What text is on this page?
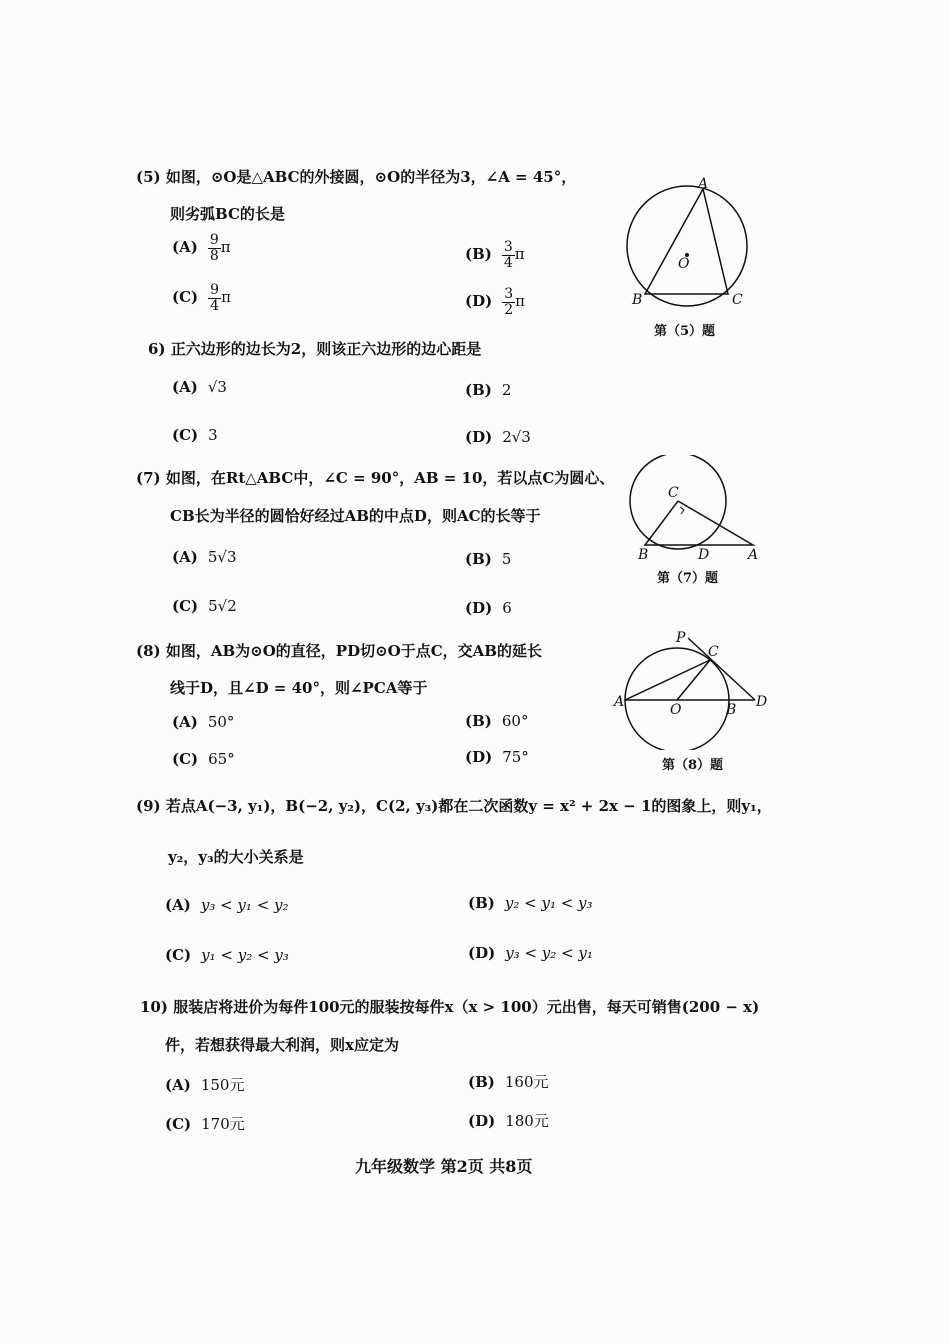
(5) 如图，⊙O是△ABC的外接圆，⊙O的半径为3，∠A = 45°，
则劣弧BC的长是
$(A) \frac{9}{8}$ π	$(B) \frac{3}{4}$ π
$(C) \frac{9}{4}$ π	$(D) \frac{3}{2}$ π
A
B	C
O
第（5）题
6) 正六边形的边长为2，则该正六边形的边心距是
(A) √3	(B) 2
(C) 3	(D) 2√3
(7) 如图，在Rt△ABC中，∠C = 90°，AB = 10，若以点C为圆心、
CB长为半径的圆恰好经过AB的中点D，则AC的长等于
(A) 5√3	(B) 5
(C) 5√2	(D) 6
C
B	D	A
第（7）题
(8) 如图，AB为⊙O的直径，PD切⊙O于点C，交AB的延长
线于D，且∠D = 40°，则∠PCA等于
(A) 50°	(B) 60°
(C) 65°	(D) 75°
P
C
A	O	B D
第（8）题
(9) 若点A(−3, y₁)，B(−2, y₂)，C(2, y₃)都在二次函数y = x² + 2x − 1的图象上，则y₁，
y₂，y₃的大小关系是
(A) y₃ < y₁ < y₂	(B) y₂ < y₁ < y₃
(C) y₁ < y₂ < y₃	(D) y₃ < y₂ < y₁
10) 服装店将进价为每件100元的服装按每件x（x > 100）元出售，每天可销售(200 − x)
件，若想获得最大利润，则x应定为
(A) 150元	(B) 160元
(C) 170元	(D) 180元
九年级数学 第2页 共8页
